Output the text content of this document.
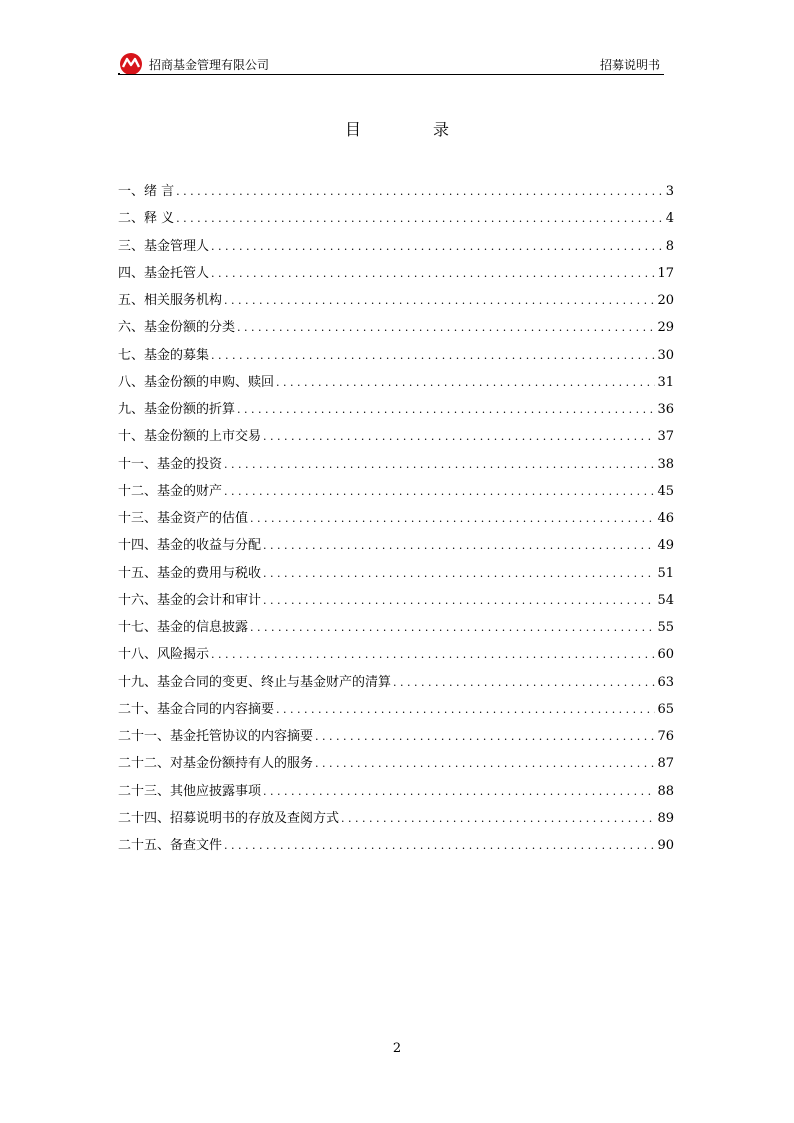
招商基金管理有限公司	招募说明书
目　录
一、绪 言 . . .	3
二、释 义 . . .	4
三、基金管理人 . . .	8
四、基金托管人 . . .	17
五、相关服务机构 . . .	20
六、基金份额的分类 . . .	29
七、基金的募集 . . .	30
八、基金份额的申购、赎回 . . .	31
九、基金份额的折算 . . .	36
十、基金份额的上市交易 . . .	37
十一、基金的投资 . . .	38
十二、基金的财产 . . .	45
十三、基金资产的估值 . . .	46
十四、基金的收益与分配 . . .	49
十五、基金的费用与税收 . . .	51
十六、基金的会计和审计 . . .	54
十七、基金的信息披露 . . .	55
十八、风险揭示 . . .	60
十九、基金合同的变更、终止与基金财产的清算 . . .	63
二十、基金合同的内容摘要 . . .	65
二十一、基金托管协议的内容摘要 . . .	76
二十二、对基金份额持有人的服务 . . .	87
二十三、其他应披露事项 . . .	88
二十四、招募说明书的存放及查阅方式 . . .	89
二十五、备查文件 . . .	90
2
